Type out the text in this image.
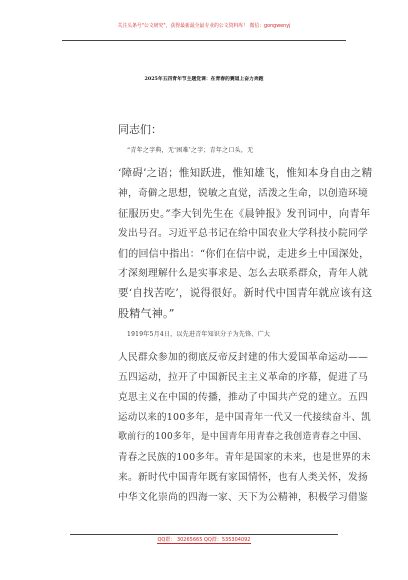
关注头条号"公文研究"，获得最新最全最专业的公文资料库！ 微信：gongwenyj
2025年五四青年节主题党课：在青春的赛道上奋力奔跑
同志们：
“青年之字典，无‘困难’之字；青年之口头，无
‘障碍’之语；惟知跃进，惟知雄飞，惟知本身自由之精
神，奇僻之思想，锐敏之直觉，活泼之生命，以创造环境
征服历史。”李大钊先生在《晨钟报》发刊词中，向青年
发出号召。习近平总书记在给中国农业大学科技小院同学
们的回信中指出：“你们在信中说，走进乡土中国深处，
才深刻理解什么是实事求是、怎么去联系群众，青年人就
要‘自找苦吃’，说得很好。新时代中国青年就应该有这
股精气神。”
1919年5月4日，以先进青年知识分子为先锋、广大
人民群众参加的彻底反帝反封建的伟大爱国革命运动——
五四运动，拉开了中国新民主主义革命的序幕，促进了马
克思主义在中国的传播，推动了中国共产党的建立。五四
运动以来的100多年，是中国青年一代又一代接续奋斗、凯
歌前行的100多年，是中国青年用青春之我创造青春之中国、
青春之民族的100多年。青年是国家的未来，也是世界的未
来。新时代中国青年既有家国情怀，也有人类关怀，发扬
中华文化崇尚的四海一家、天下为公精神，积极学习借鉴
QQ群： 30265665 QQ群：535304092
